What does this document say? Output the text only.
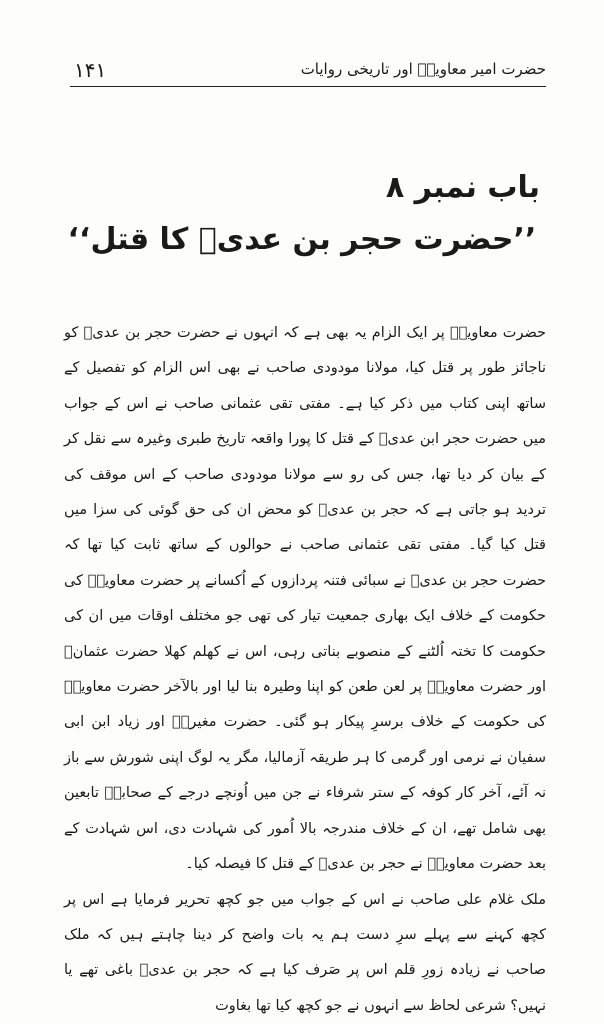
۱۴۱	حضرت امیر معاویہؓ اور تاریخی روایات
باب نمبر ۸
’’حضرت حجر بن عدیؓ کا قتل‘‘

حضرت معاویہؓ پر ایک الزام یہ بھی ہے کہ انہوں نے حضرت حجر بن عدیؓ کو ناجائز طور پر قتل کیا، مولانا مودودی صاحب نے بھی اس الزام کو تفصیل کے ساتھ اپنی کتاب میں ذکر کیا ہے۔ مفتی تقی عثمانی صاحب نے اس کے جواب میں حضرت حجر ابن عدیؓ کے قتل کا پورا واقعہ تاریخ طبری وغیرہ سے نقل کر کے بیان کر دیا تھا، جس کی رو سے مولانا مودودی صاحب کے اس موقف کی تردید ہو جاتی ہے کہ حجر بن عدیؓ کو محض ان کی حق گوئی کی سزا میں قتل کیا گیا۔ مفتی تقی عثمانی صاحب نے حوالوں کے ساتھ ثابت کیا تھا کہ حضرت حجر بن عدیؓ نے سبائی فتنہ پردازوں کے اُکسانے پر حضرت معاویہؓ کی حکومت کے خلاف ایک بھاری جمعیت تیار کی تھی جو مختلف اوقات میں ان کی حکومت کا تختہ اُلٹنے کے منصوبے بناتی رہی، اس نے کھلم کھلا حضرت عثمانؓ اور حضرت معاویہؓ پر لعن طعن کو اپنا وطیرہ بنا لیا اور بالآخر حضرت معاویہؓ کی حکومت کے خلاف برسرِ پیکار ہو گئی۔ حضرت مغیرہؓ اور زیاد ابن ابی سفیان نے نرمی اور گرمی کا ہر طریقہ آزمالیا، مگر یہ لوگ اپنی شورش سے باز نہ آئے، آخر کار کوفہ کے ستر شرفاء نے جن میں اُونچے درجے کے صحابہؓ تابعین بھی شامل تھے، ان کے خلاف مندرجہ بالا اُمور کی شہادت دی، اس شہادت کے بعد حضرت معاویہؓ نے حجر بن عدیؓ کے قتل کا فیصلہ کیا۔

ملک غلام علی صاحب نے اس کے جواب میں جو کچھ تحریر فرمایا ہے اس پر کچھ کہنے سے پہلے سرِ دست ہم یہ بات واضح کر دینا چاہتے ہیں کہ ملک صاحب نے زیادہ زورِ قلم اس پر صَرف کیا ہے کہ حجر بن عدیؓ باغی تھے یا نہیں؟ شرعی لحاظ سے انہوں نے جو کچھ کیا تھا بغاوت
